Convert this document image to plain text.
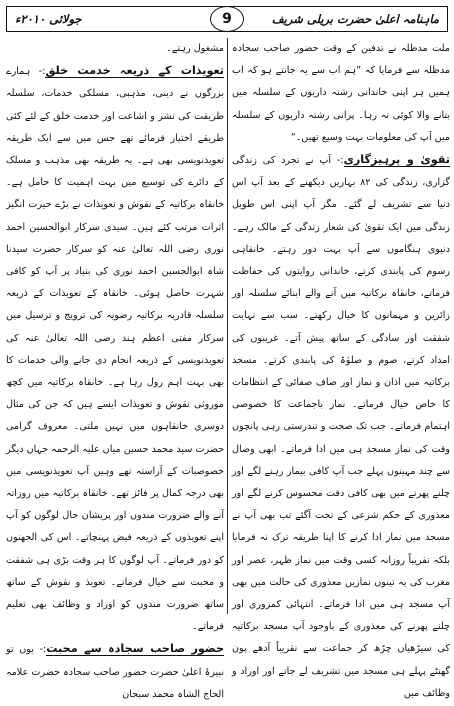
ماہنامہ اعلیٰ حضرت بریلی شریف
جولائی ۲۰۱۰ء	9

ملت مدظلہ نے تدفین کے وقت حضور صاحب سجادہ مدظلہ سے فرمایا کہ ”ہم اب سے یہ جانتے ہو کہ اب ہمیں ہر اپنی خاندانی رشتہ داریوں کے سلسلہ میں بتانے والا کوئی نہ رہا۔ پرانی رشتہ داریوں کے سلسلہ میں آپ کی معلومات بہت وسیع تھیں۔“

تقویٰ و پرہیزگاری:- آپ نے تجرد کی زندگی گزاری، زندگی کی ۸۲ بہاریں دیکھنے کے بعد آپ اس دنیا سے تشریف لے گئے۔ مگر آپ اپنی اس طویل زندگی میں ایک تقویٰ کی شعار زندگی کے مالک رہے۔ دنیوی ہنگاموں سے آپ بہت دور رہتے۔ خانقاہی رسوم کی پابندی کرتے، خاندانی روایتوں کی حفاظت فرماتے، خانقاہ برکاتیہ میں آنے والے ابنائے سلسلہ اور زائرین و مہمانوں کا خیال رکھتے۔ سب سے نہایت شفقت اور سادگی کے ساتھ پیش آتے۔ غریبوں کی امداد کرتے، صوم و صلوٰۃ کی پابندی کرتے۔ مسجد برکاتیہ میں اذان و نماز اور صاف صفائی کے انتظامات کا خاص خیال فرماتے۔ نماز باجماعت کا خصوصی اہتمام فرماتے۔ جب تک صحت و تندرستی رہی پانچوں وقت کی نماز مسجد ہی میں ادا فرماتے۔ ابھی وصال سے چند مہینوں پہلے جب آپ کافی بیمار رہنے لگے اور چلنے پھرنے میں بھی کافی دقت محسوس کرنے لگے اور معذوری کے حکم شرعی کے تحت آگئے تب بھی آپ نے مسجد میں نماز ادا کرنے کا اپنا طریقہ ترک نہ فرمایا بلکہ تقریباً روزانہ کسی وقت میں نماز ظہر، عصر اور مغرب کی یہ تینوں نمازیں معذوری کی حالت میں بھی آپ مسجد ہی میں ادا فرماتے۔ انتہائی کمزوری اور چلنے پھرنے کی معذوری کے باوجود آپ مسجد برکاتیہ کی سیڑھیاں چڑھ کر جماعت سے تقریباً آدھے پون گھنٹے پہلے ہی مسجد میں تشریف لے جاتے اور اوراد و وظائف میں

مشغول رہتے۔

تعویذات کے ذریعہ خدمت خلق:- ہمارے بزرگوں نے دینی، مذہبی، مسلکی خدمات، سلسلہ طریقت کی نشر و اشاعت اور خدمت خلق کے لئے کئی طریقے اختیار فرمائے تھے جس میں سے ایک طریقہ تعویذنویسی بھی ہے۔ یہ طریقہ بھی مذہب و مسلک کے دائرے کی توسیع میں بہت اہمیت کا حامل ہے۔ خانقاہ برکاتیہ کے نقوش و تعویذات نے بڑے حیرت انگیز اثرات مرتب کئے ہیں۔ سیدی سرکار ابوالحسین احمد نوری رضی اللہ تعالیٰ عنہ کو سرکار حضرت سیدنا شاہ ابوالحسین احمد نوری کی بنیاد پر آپ کو کافی شہرت حاصل ہوئی۔ خانقاہ کے تعویذات کے ذریعہ سلسلہ قادریہ برکاتیہ رضویہ کی ترویج و ترسیل میں سرکار مفتی اعظم ہند رضی اللہ تعالیٰ عنہ کی تعویذنویسی کے ذریعہ انجام دی جانے والی خدمات کا بھی بہت اہم رول رہا ہے۔ خانقاہ برکاتیہ میں کچھ موروثی نقوش و تعویذات ایسے ہیں کہ جن کی مثال دوسری خانقاہوں میں نہیں ملتی۔ معروف گرامی حضرت سید محمد حسین میاں علیہ الرحمہ جہاں دیگر خصوصیات کے آراستہ تھے وہیں آپ تعویذنویسی میں بھی درجہ کمال پر فائز تھے۔ خانقاہ برکاتیہ میں روزانہ آنے والے ضرورت مندوں اور پریشان حال لوگوں کو آپ اپنے تعویذوں کے ذریعہ فیض پہنچاتے۔ اس کی الجھنوں کو دور فرماتے۔ آپ لوگوں کا ہر وقت بڑی ہی شفقت و محبت سے خیال فرماتے۔ تعویذ و نقوش کے ساتھ ساتھ ضرورت مندوں کو اوراد و وظائف بھی تعلیم فرماتے۔

حضور صاحب سجادہ سے محبت:- یوں تو نبیرۂ اعلیٰ حضرت حضور صاحب سجادہ حضرت علامہ الحاج الشاہ محمد سبحان
